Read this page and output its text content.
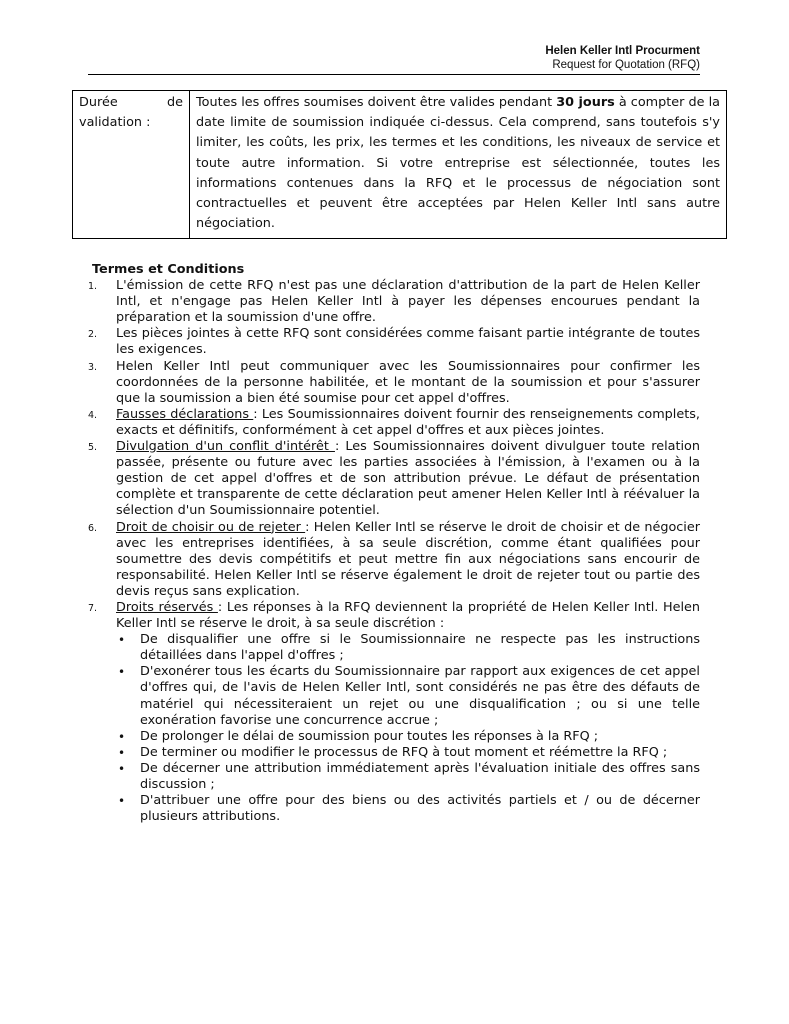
Helen Keller Intl Procurment
Request for Quotation (RFQ)
Durée de
validation :
	Toutes les offres soumises doivent être valides pendant 30 jours à compter de la date limite de soumission indiquée ci-dessus. Cela comprend, sans toutefois s'y limiter, les coûts, les prix, les termes et les conditions, les niveaux de service et toute autre information. Si votre entreprise est sélectionnée, toutes les informations contenues dans la RFQ et le processus de négociation sont contractuelles et peuvent être acceptées par Helen Keller Intl sans autre négociation.
Termes et Conditions
1.	L'émission de cette RFQ n'est pas une déclaration d'attribution de la part de Helen Keller Intl, et n'engage pas Helen Keller Intl à payer les dépenses encourues pendant la préparation et la soumission d'une offre.
2.	Les pièces jointes à cette RFQ sont considérées comme faisant partie intégrante de toutes les exigences.
3.	Helen Keller Intl peut communiquer avec les Soumissionnaires pour confirmer les coordonnées de la personne habilitée, et le montant de la soumission et pour s'assurer que la soumission a bien été soumise pour cet appel d'offres.
4.	Fausses déclarations : Les Soumissionnaires doivent fournir des renseignements complets, exacts et définitifs, conformément à cet appel d'offres et aux pièces jointes.
5.	Divulgation d'un conflit d'intérêt : Les Soumissionnaires doivent divulguer toute relation passée, présente ou future avec les parties associées à l'émission, à l'examen ou à la gestion de cet appel d'offres et de son attribution prévue. Le défaut de présentation complète et transparente de cette déclaration peut amener Helen Keller Intl à réévaluer la sélection d'un Soumissionnaire potentiel.
6.	Droit de choisir ou de rejeter : Helen Keller Intl se réserve le droit de choisir et de négocier avec les entreprises identifiées, à sa seule discrétion, comme étant qualifiées pour soumettre des devis compétitifs et peut mettre fin aux négociations sans encourir de responsabilité. Helen Keller Intl se réserve également le droit de rejeter tout ou partie des devis reçus sans explication.
7.	Droits réservés : Les réponses à la RFQ deviennent la propriété de Helen Keller Intl. Helen Keller Intl se réserve le droit, à sa seule discrétion :
• De disqualifier une offre si le Soumissionnaire ne respecte pas les instructions détaillées dans l'appel d'offres ;
• D'exonérer tous les écarts du Soumissionnaire par rapport aux exigences de cet appel d'offres qui, de l'avis de Helen Keller Intl, sont considérés ne pas être des défauts de matériel qui nécessiteraient un rejet ou une disqualification ; ou si une telle exonération favorise une concurrence accrue ;
• De prolonger le délai de soumission pour toutes les réponses à la RFQ ;
• De terminer ou modifier le processus de RFQ à tout moment et réémettre la RFQ ;
• De décerner une attribution immédiatement après l'évaluation initiale des offres sans discussion ;
• D'attribuer une offre pour des biens ou des activités partiels et / ou de décerner plusieurs attributions.
